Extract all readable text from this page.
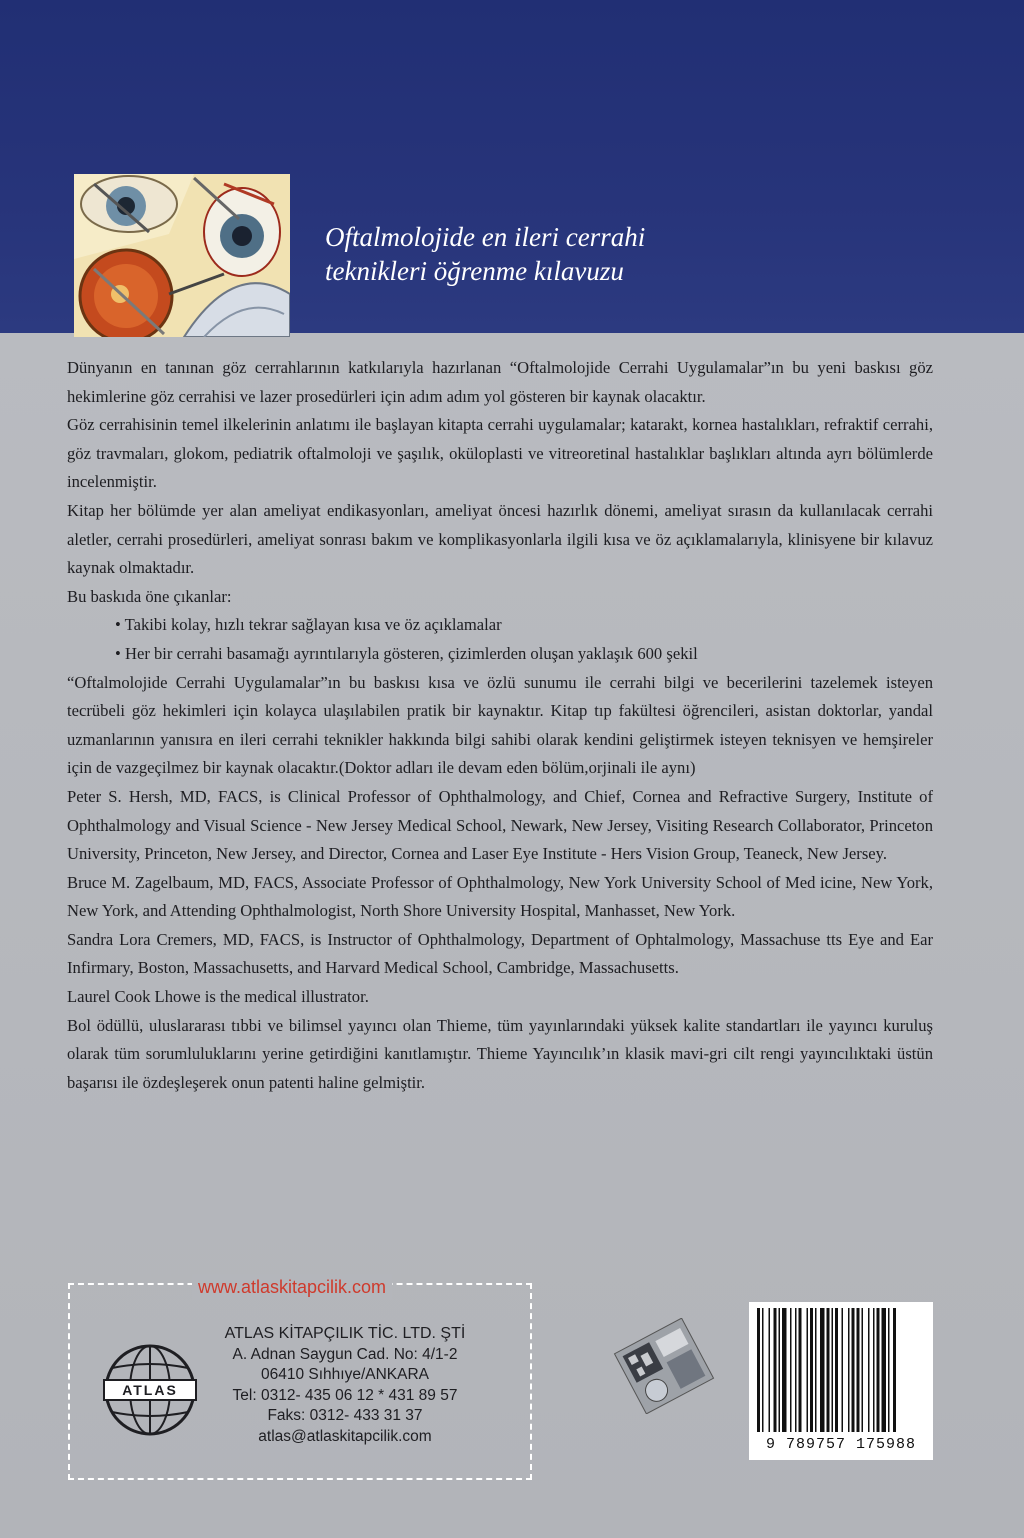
Oftalmolojide en ileri cerrahi
teknikleri öğrenme kılavuzu

Dünyanın en tanınan göz cerrahlarının katkılarıyla hazırlanan “Oftalmolojide Cerrahi Uygulamalar”ın bu yeni baskısı göz hekimlerine göz cerrahisi ve lazer prosedürleri için adım adım yol gösteren bir kaynak olacaktır.

Göz cerrahisinin temel ilkelerinin anlatımı ile başlayan kitapta cerrahi uygulamalar; katarakt, kornea hastalıkları, refraktif cerrahi, göz travmaları, glokom, pediatrik oftalmoloji ve şaşılık, oküloplasti ve vitreoretinal hastalıklar başlıkları altında ayrı bölümlerde incelenmiştir.

Kitap her bölümde yer alan ameliyat endikasyonları, ameliyat öncesi hazırlık dönemi, ameliyat sırasın da kullanılacak cerrahi aletler, cerrahi prosedürleri, ameliyat sonrası bakım ve komplikasyonlarla ilgili kısa ve öz açıklamalarıyla, klinisyene bir kılavuz kaynak olmaktadır.

Bu baskıda öne çıkanlar:

• Takibi kolay, hızlı tekrar sağlayan kısa ve öz açıklamalar
• Her bir cerrahi basamağı ayrıntılarıyla gösteren, çizimlerden oluşan yaklaşık 600 şekil

“Oftalmolojide Cerrahi Uygulamalar”ın bu baskısı kısa ve özlü sunumu ile cerrahi bilgi ve becerilerini tazelemek isteyen tecrübeli göz hekimleri için kolayca ulaşılabilen pratik bir kaynaktır. Kitap tıp fakültesi öğrencileri, asistan doktorlar, yandal uzmanlarının yanısıra en ileri cerrahi teknikler hakkında bilgi sahibi olarak kendini geliştirmek isteyen teknisyen ve hemşireler için de vazgeçilmez bir kaynak olacaktır.(Doktor adları ile devam eden bölüm,orjinali ile aynı)

Peter S. Hersh, MD, FACS, is Clinical Professor of Ophthalmology, and Chief, Cornea and Refractive Surgery, Institute of Ophthalmology and Visual Science - New Jersey Medical School, Newark, New Jersey, Visiting Research Collaborator, Princeton University, Princeton, New Jersey, and Director, Cornea and Laser Eye Institute - Hers Vision Group, Teaneck, New Jersey.

Bruce M. Zagelbaum, MD, FACS, Associate Professor of Ophthalmology, New York University School of Med icine, New York, New York, and Attending Ophthalmologist, North Shore University Hospital, Manhasset, New York.

Sandra Lora Cremers, MD, FACS, is Instructor of Ophthalmology, Department of Ophtalmology, Massachuse tts Eye and Ear Infirmary, Boston, Massachusetts, and Harvard Medical School, Cambridge, Massachusetts.

Laurel Cook Lhowe is the medical illustrator.

Bol ödüllü, uluslararası tıbbi ve bilimsel yayıncı olan Thieme, tüm yayınlarındaki yüksek kalite standartları ile yayıncı kuruluş olarak tüm sorumluluklarını yerine getirdiğini kanıtlamıştır. Thieme Yayıncılık’ın klasik mavi-gri cilt rengi yayıncılıktaki üstün başarısı ile özdeşleşerek onun patenti haline gelmiştir.

www.atlaskitapcilik.com
ATLAS
ATLAS KİTAPÇILIK TİC. LTD. ŞTİ
A. Adnan Saygun Cad. No: 4/1-2
06410 Sıhhıye/ANKARA
Tel: 0312- 435 06 12 * 431 89 57
Faks: 0312- 433 31 37
atlas@atlaskitapcilik.com	9 789757 175988
